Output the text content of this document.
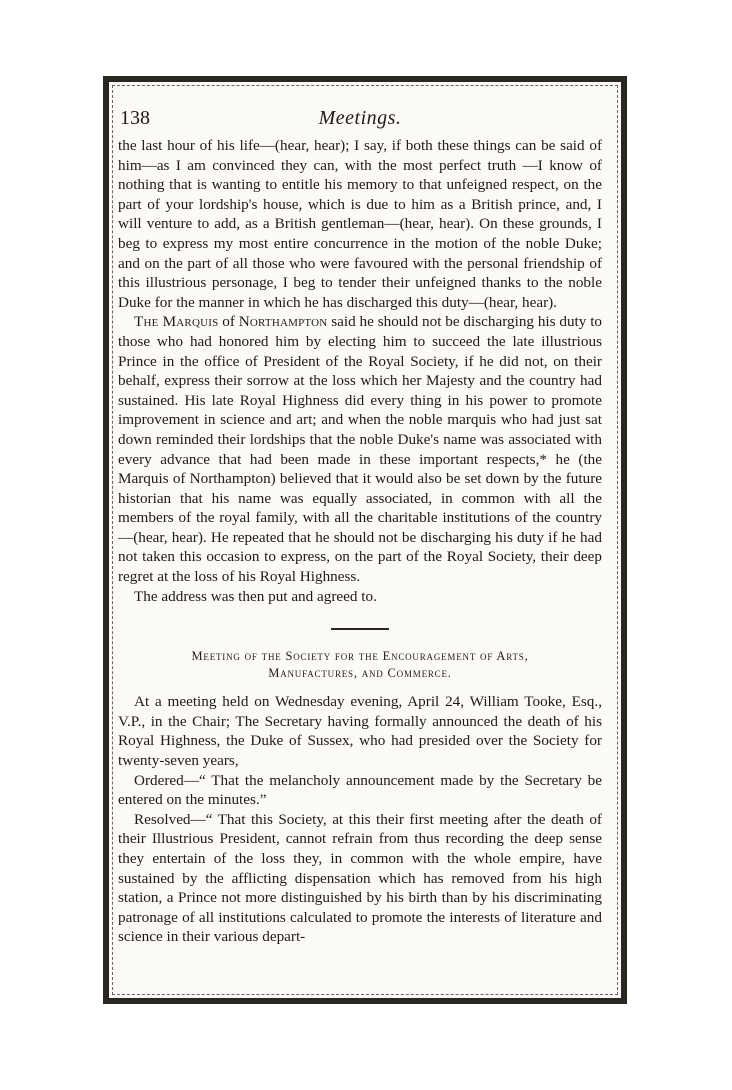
138	Meetings.

the last hour of his life—(hear, hear); I say, if both these things can be said of him—as I am convinced they can, with the most perfect truth —I know of nothing that is wanting to entitle his memory to that unfeigned respect, on the part of your lordship's house, which is due to him as a British prince, and, I will venture to add, as a British gentleman—(hear, hear). On these grounds, I beg to express my most entire concurrence in the motion of the noble Duke; and on the part of all those who were favoured with the personal friendship of this illustrious personage, I beg to tender their unfeigned thanks to the noble Duke for the manner in which he has discharged this duty—(hear, hear).

The Marquis of Northampton said he should not be discharging his duty to those who had honored him by electing him to succeed the late illustrious Prince in the office of President of the Royal Society, if he did not, on their behalf, express their sorrow at the loss which her Majesty and the country had sustained. His late Royal Highness did every thing in his power to promote improvement in science and art; and when the noble marquis who had just sat down reminded their lordships that the noble Duke's name was associated with every advance that had been made in these important respects,* he (the Marquis of Northampton) believed that it would also be set down by the future historian that his name was equally associated, in common with all the members of the royal family, with all the charitable institutions of the country—(hear, hear). He repeated that he should not be discharging his duty if he had not taken this occasion to express, on the part of the Royal Society, their deep regret at the loss of his Royal Highness.

The address was then put and agreed to.

Meeting of the Society for the Encouragement of Arts,
Manufactures, and Commerce.

At a meeting held on Wednesday evening, April 24, William Tooke, Esq., V.P., in the Chair; The Secretary having formally announced the death of his Royal Highness, the Duke of Sussex, who had presided over the Society for twenty-seven years,

Ordered—“ That the melancholy announcement made by the Secretary be entered on the minutes.”

Resolved—“ That this Society, at this their first meeting after the death of their Illustrious President, cannot refrain from thus recording the deep sense they entertain of the loss they, in common with the whole empire, have sustained by the afflicting dispensation which has removed from his high station, a Prince not more distinguished by his birth than by his discriminating patronage of all institutions calculated to promote the interests of literature and science in their various depart-
